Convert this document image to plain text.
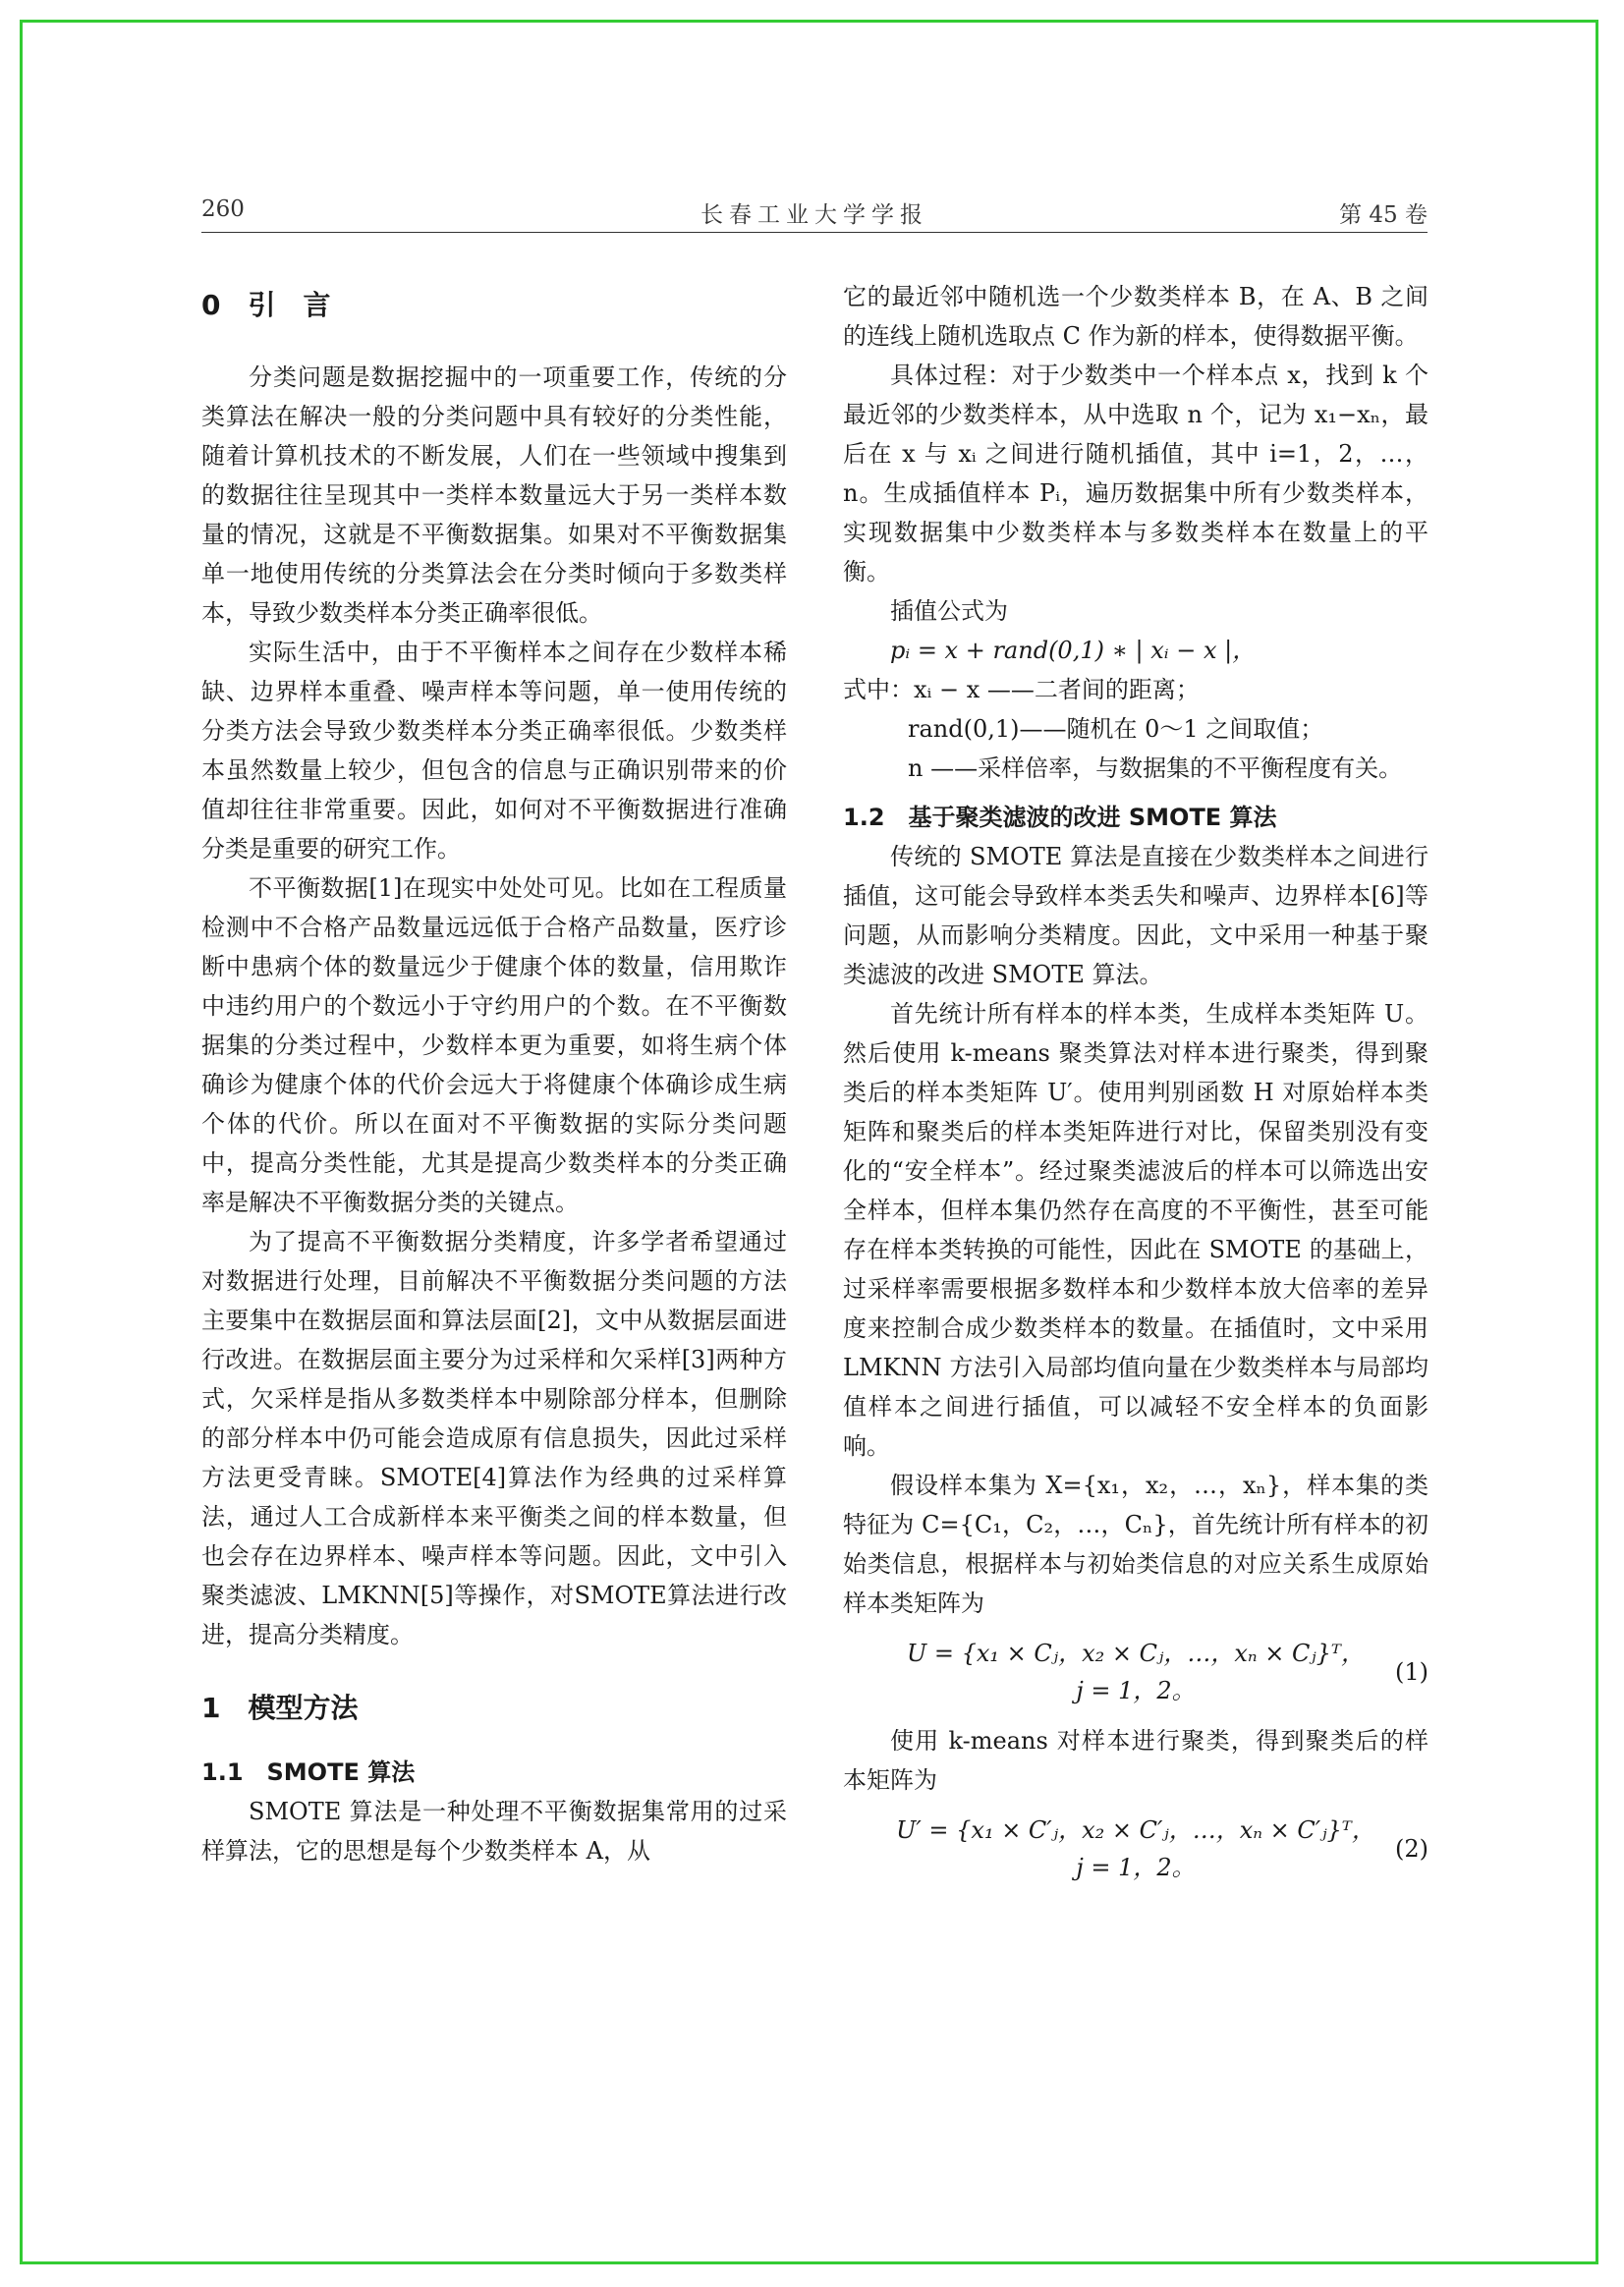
260	长春工业大学学报	第 45 卷
0　引　言

分类问题是数据挖掘中的一项重要工作，传统的分类算法在解决一般的分类问题中具有较好的分类性能，随着计算机技术的不断发展，人们在一些领域中搜集到的数据往往呈现其中一类样本数量远大于另一类样本数量的情况，这就是不平衡数据集。如果对不平衡数据集单一地使用传统的分类算法会在分类时倾向于多数类样本，导致少数类样本分类正确率很低。

实际生活中，由于不平衡样本之间存在少数样本稀缺、边界样本重叠、噪声样本等问题，单一使用传统的分类方法会导致少数类样本分类正确率很低。少数类样本虽然数量上较少，但包含的信息与正确识别带来的价值却往往非常重要。因此，如何对不平衡数据进行准确分类是重要的研究工作。

不平衡数据[1]在现实中处处可见。比如在工程质量检测中不合格产品数量远远低于合格产品数量，医疗诊断中患病个体的数量远少于健康个体的数量，信用欺诈中违约用户的个数远小于守约用户的个数。在不平衡数据集的分类过程中，少数样本更为重要，如将生病个体确诊为健康个体的代价会远大于将健康个体确诊成生病个体的代价。所以在面对不平衡数据的实际分类问题中，提高分类性能，尤其是提高少数类样本的分类正确率是解决不平衡数据分类的关键点。

为了提高不平衡数据分类精度，许多学者希望通过对数据进行处理，目前解决不平衡数据分类问题的方法主要集中在数据层面和算法层面[2]，文中从数据层面进行改进。在数据层面主要分为过采样和欠采样[3]两种方式，欠采样是指从多数类样本中剔除部分样本，但删除的部分样本中仍可能会造成原有信息损失，因此过采样方法更受青睐。SMOTE[4]算法作为经典的过采样算法，通过人工合成新样本来平衡类之间的样本数量，但也会存在边界样本、噪声样本等问题。因此，文中引入聚类滤波、LMKNN[5]等操作，对SMOTE算法进行改进，提高分类精度。

1　模型方法
1.1　SMOTE 算法

SMOTE 算法是一种处理不平衡数据集常用的过采样算法，它的思想是每个少数类样本 A，从

它的最近邻中随机选一个少数类样本 B，在 A、B 之间的连线上随机选取点 C 作为新的样本，使得数据平衡。

具体过程：对于少数类中一个样本点 x，找到 k 个最近邻的少数类样本，从中选取 n 个，记为 x₁−xₙ，最后在 x 与 xᵢ 之间进行随机插值，其中 i=1，2，…，n。生成插值样本 Pᵢ，遍历数据集中所有少数类样本，实现数据集中少数类样本与多数类样本在数量上的平衡。

插值公式为

pᵢ = x + rand(0,1) ∗ | xᵢ − x |，

式中：xᵢ − x ——二者间的距离；

rand(0,1)——随机在 0～1 之间取值；

n ——采样倍率，与数据集的不平衡程度有关。

1.2　基于聚类滤波的改进 SMOTE 算法

传统的 SMOTE 算法是直接在少数类样本之间进行插值，这可能会导致样本类丢失和噪声、边界样本[6]等问题，从而影响分类精度。因此，文中采用一种基于聚类滤波的改进 SMOTE 算法。

首先统计所有样本的样本类，生成样本类矩阵 U。然后使用 k-means 聚类算法对样本进行聚类，得到聚类后的样本类矩阵 U′。使用判别函数 H 对原始样本类矩阵和聚类后的样本类矩阵进行对比，保留类别没有变化的“安全样本”。经过聚类滤波后的样本可以筛选出安全样本，但样本集仍然存在高度的不平衡性，甚至可能存在样本类转换的可能性，因此在 SMOTE 的基础上，过采样率需要根据多数样本和少数样本放大倍率的差异度来控制合成少数类样本的数量。在插值时，文中采用 LMKNN 方法引入局部均值向量在少数类样本与局部均值样本之间进行插值，可以减轻不安全样本的负面影响。

假设样本集为 X={x₁，x₂，…，xₙ}，样本集的类特征为 C={C₁，C₂，…，Cₙ}，首先统计所有样本的初始类信息，根据样本与初始类信息的对应关系生成原始样本类矩阵为

U = {x₁ × Cⱼ，x₂ × Cⱼ，…，xₙ × Cⱼ}ᵀ，
j = 1，2。
(1)

使用 k-means 对样本进行聚类，得到聚类后的样本矩阵为

U′ = {x₁ × C′ⱼ，x₂ × C′ⱼ，…，xₙ × C′ⱼ}ᵀ，
j = 1，2。
(2)
